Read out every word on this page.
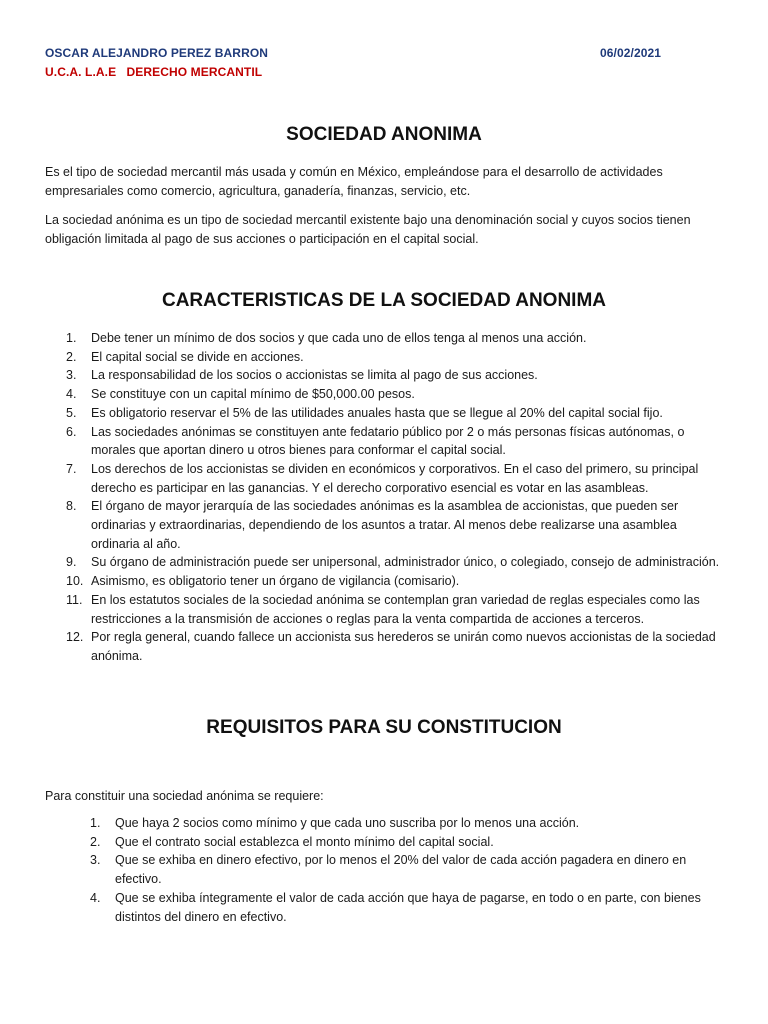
OSCAR ALEJANDRO PEREZ BARRON	06/02/2021
U.C.A. L.A.E   DERECHO MERCANTIL
SOCIEDAD ANONIMA

Es el tipo de sociedad mercantil más usada y común en México, empleándose para el desarrollo de actividades empresariales como comercio, agricultura, ganadería, finanzas, servicio, etc.

La sociedad anónima es un tipo de sociedad mercantil existente bajo una denominación social y cuyos socios tienen obligación limitada al pago de sus acciones o participación en el capital social.

CARACTERISTICAS DE LA SOCIEDAD ANONIMA
1. Debe tener un mínimo de dos socios y que cada uno de ellos tenga al menos una acción.
2. El capital social se divide en acciones.
3. La responsabilidad de los socios o accionistas se limita al pago de sus acciones.
4. Se constituye con un capital mínimo de $50,000.00 pesos.
5. Es obligatorio reservar el 5% de las utilidades anuales hasta que se llegue al 20% del capital social fijo.
6. Las sociedades anónimas se constituyen ante fedatario público por 2 o más personas físicas autónomas, o morales que aportan dinero u otros bienes para conformar el capital social.
7. Los derechos de los accionistas se dividen en económicos y corporativos. En el caso del primero, su principal derecho es participar en las ganancias. Y el derecho corporativo esencial es votar en las asambleas.
8. El órgano de mayor jerarquía de las sociedades anónimas es la asamblea de accionistas, que pueden ser ordinarias y extraordinarias, dependiendo de los asuntos a tratar. Al menos debe realizarse una asamblea ordinaria al año.
9. Su órgano de administración puede ser unipersonal, administrador único, o colegiado, consejo de administración.
10. Asimismo, es obligatorio tener un órgano de vigilancia (comisario).
11. En los estatutos sociales de la sociedad anónima se contemplan gran variedad de reglas especiales como las restricciones a la transmisión de acciones o reglas para la venta compartida de acciones a terceros.
12. Por regla general, cuando fallece un accionista sus herederos se unirán como nuevos accionistas de la sociedad anónima.
REQUISITOS PARA SU CONSTITUCION

Para constituir una sociedad anónima se requiere:

1. Que haya 2 socios como mínimo y que cada uno suscriba por lo menos una acción.
2. Que el contrato social establezca el monto mínimo del capital social.
3. Que se exhiba en dinero efectivo, por lo menos el 20% del valor de cada acción pagadera en dinero en efectivo.
4. Que se exhiba íntegramente el valor de cada acción que haya de pagarse, en todo o en parte, con bienes distintos del dinero en efectivo.
